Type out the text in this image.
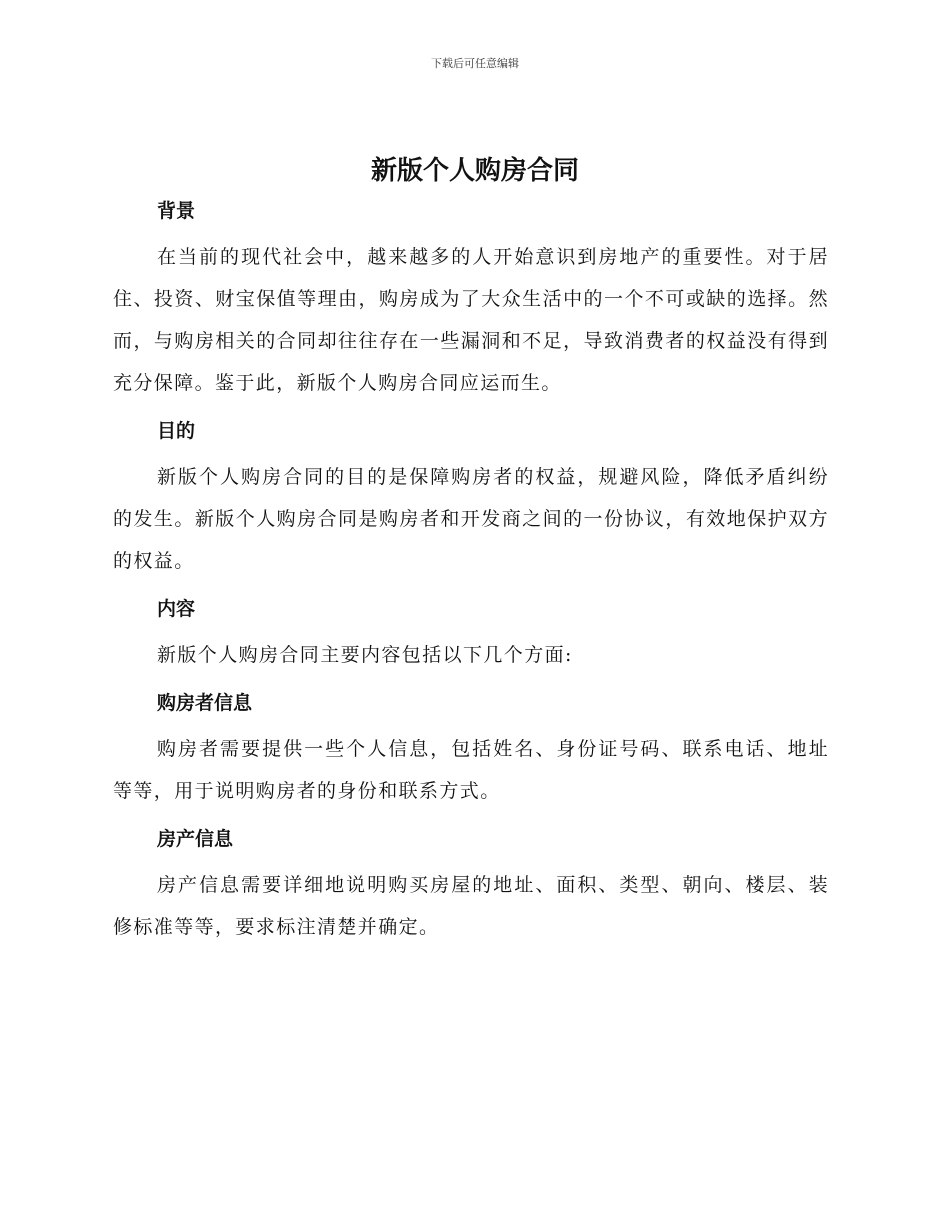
下载后可任意编辑
新版个人购房合同
背景

在当前的现代社会中，越来越多的人开始意识到房地产的重要性。对于居住、投资、财宝保值等理由，购房成为了大众生活中的一个不可或缺的选择。然而，与购房相关的合同却往往存在一些漏洞和不足，导致消费者的权益没有得到充分保障。鉴于此，新版个人购房合同应运而生。

目的

新版个人购房合同的目的是保障购房者的权益，规避风险，降低矛盾纠纷的发生。新版个人购房合同是购房者和开发商之间的一份协议，有效地保护双方的权益。

内容

新版个人购房合同主要内容包括以下几个方面:

购房者信息

购房者需要提供一些个人信息，包括姓名、身份证号码、联系电话、地址等等，用于说明购房者的身份和联系方式。

房产信息

房产信息需要详细地说明购买房屋的地址、面积、类型、朝向、楼层、装修标准等等，要求标注清楚并确定。
